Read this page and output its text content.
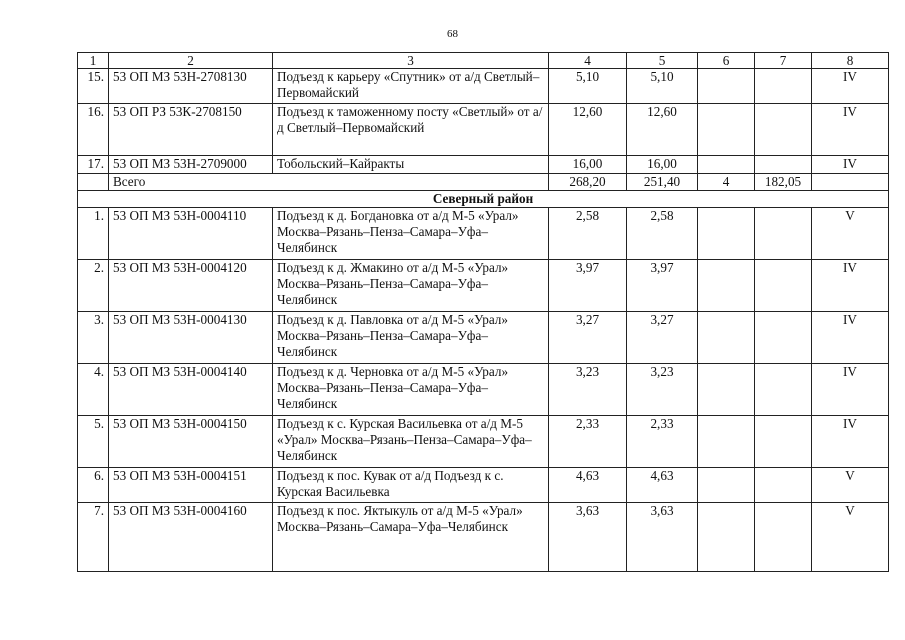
68
1	2	3	4	5	6	7	8
15.	53 ОП МЗ 53Н-2708130	Подъезд к карьеру «Спутник» от а/д Светлый–Первомайский	5,10	5,10			IV
16.	53 ОП РЗ 53К-2708150	Подъезд к таможенному посту «Светлый» от а/д Светлый–Первомайский	12,60	12,60			IV
17.	53 ОП МЗ 53Н-2709000	Тобольский–Кайракты	16,00	16,00			IV
	Всего		268,20	251,40	4	182,05	
Северный район							
1.	53 ОП МЗ 53Н-0004110	Подъезд к д. Богдановка от а/д М-5 «Урал» Москва–Рязань–Пенза–Самара–Уфа–Челябинск	2,58	2,58			V
2.	53 ОП МЗ 53Н-0004120	Подъезд к д. Жмакино от а/д М-5 «Урал» Москва–Рязань–Пенза–Самара–Уфа–Челябинск	3,97	3,97			IV
3.	53 ОП МЗ 53Н-0004130	Подъезд к д. Павловка от а/д М-5 «Урал» Москва–Рязань–Пенза–Самара–Уфа–Челябинск	3,27	3,27			IV
4.	53 ОП МЗ 53Н-0004140	Подъезд к д. Черновка от а/д М-5 «Урал» Москва–Рязань–Пенза–Самара–Уфа–Челябинск	3,23	3,23			IV
5.	53 ОП МЗ 53Н-0004150	Подъезд к с. Курская Васильевка от а/д М-5 «Урал» Москва–Рязань–Пенза–Самара–Уфа–Челябинск	2,33	2,33			IV
6.	53 ОП МЗ 53Н-0004151	Подъезд к пос. Кувак от а/д Подъезд к с. Курская Васильевка	4,63	4,63			V
7.	53 ОП МЗ 53Н-0004160	Подъезд к пос. Яктыкуль от а/д М-5 «Урал» Москва–Рязань–Самара–Уфа–Челябинск	3,63	3,63			V
